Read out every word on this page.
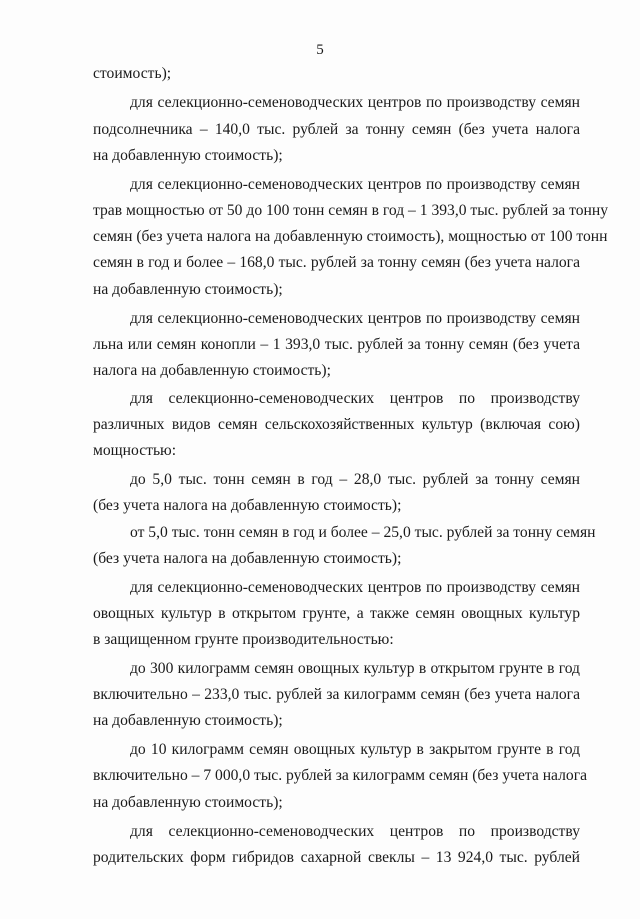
5
стоимость);
для селекционно-семеноводческих центров по производству семян
подсолнечника – 140,0 тыс. рублей за тонну семян (без учета налога
на добавленную стоимость);
для селекционно-семеноводческих центров по производству семян
трав мощностью от 50 до 100 тонн семян в год – 1 393,0 тыс. рублей за тонну
семян (без учета налога на добавленную стоимость), мощностью от 100 тонн
семян в год и более – 168,0 тыс. рублей за тонну семян (без учета налога
на добавленную стоимость);
для селекционно-семеноводческих центров по производству семян
льна или семян конопли – 1 393,0 тыс. рублей за тонну семян (без учета
налога на добавленную стоимость);
для селекционно-семеноводческих центров по производству
различных видов семян сельскохозяйственных культур (включая сою)
мощностью:
до 5,0 тыс. тонн семян в год – 28,0 тыс. рублей за тонну семян
(без учета налога на добавленную стоимость);
от 5,0 тыс. тонн семян в год и более – 25,0 тыс. рублей за тонну семян
(без учета налога на добавленную стоимость);
для селекционно-семеноводческих центров по производству семян
овощных культур в открытом грунте, а также семян овощных культур
в защищенном грунте производительностью:
до 300 килограмм семян овощных культур в открытом грунте в год
включительно – 233,0 тыс. рублей за килограмм семян (без учета налога
на добавленную стоимость);
до 10 килограмм семян овощных культур в закрытом грунте в год
включительно – 7 000,0 тыс. рублей за килограмм семян (без учета налога
на добавленную стоимость);
для селекционно-семеноводческих центров по производству
родительских форм гибридов сахарной свеклы – 13 924,0 тыс. рублей
